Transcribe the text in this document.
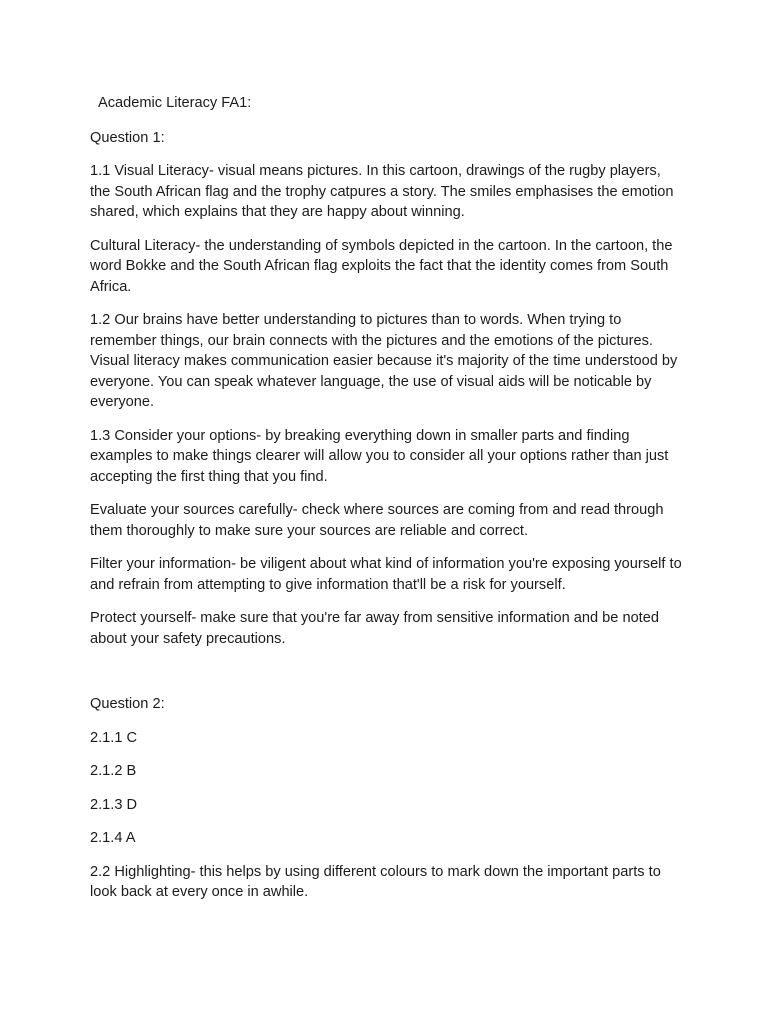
Academic Literacy FA1:

Question 1:

1.1 Visual Literacy- visual means pictures. In this cartoon, drawings of the rugby players, the South African flag and the trophy catpures a story. The smiles emphasises the emotion shared, which explains that they are happy about winning.

Cultural Literacy- the understanding of symbols depicted in the cartoon. In the cartoon, the word Bokke and the South African flag exploits the fact that the identity comes from South Africa.

1.2 Our brains have better understanding to pictures than to words. When trying to remember things, our brain connects with the pictures and the emotions of the pictures. Visual literacy makes communication easier because it's majority of the time understood by everyone. You can speak whatever language, the use of visual aids will be noticable by everyone.

1.3 Consider your options- by breaking everything down in smaller parts and finding examples to make things clearer will allow you to consider all your options rather than just accepting the first thing that you find.

Evaluate your sources carefully- check where sources are coming from and read through them thoroughly to make sure your sources are reliable and correct.

Filter your information- be viligent about what kind of information you're exposing yourself to and refrain from attempting to give information that'll be a risk for yourself.

Protect yourself- make sure that you're far away from sensitive information and be noted about your safety precautions.

Question 2:

2.1.1 C

2.1.2 B

2.1.3 D

2.1.4 A

2.2 Highlighting- this helps by using different colours to mark down the important parts to look back at every once in awhile.
